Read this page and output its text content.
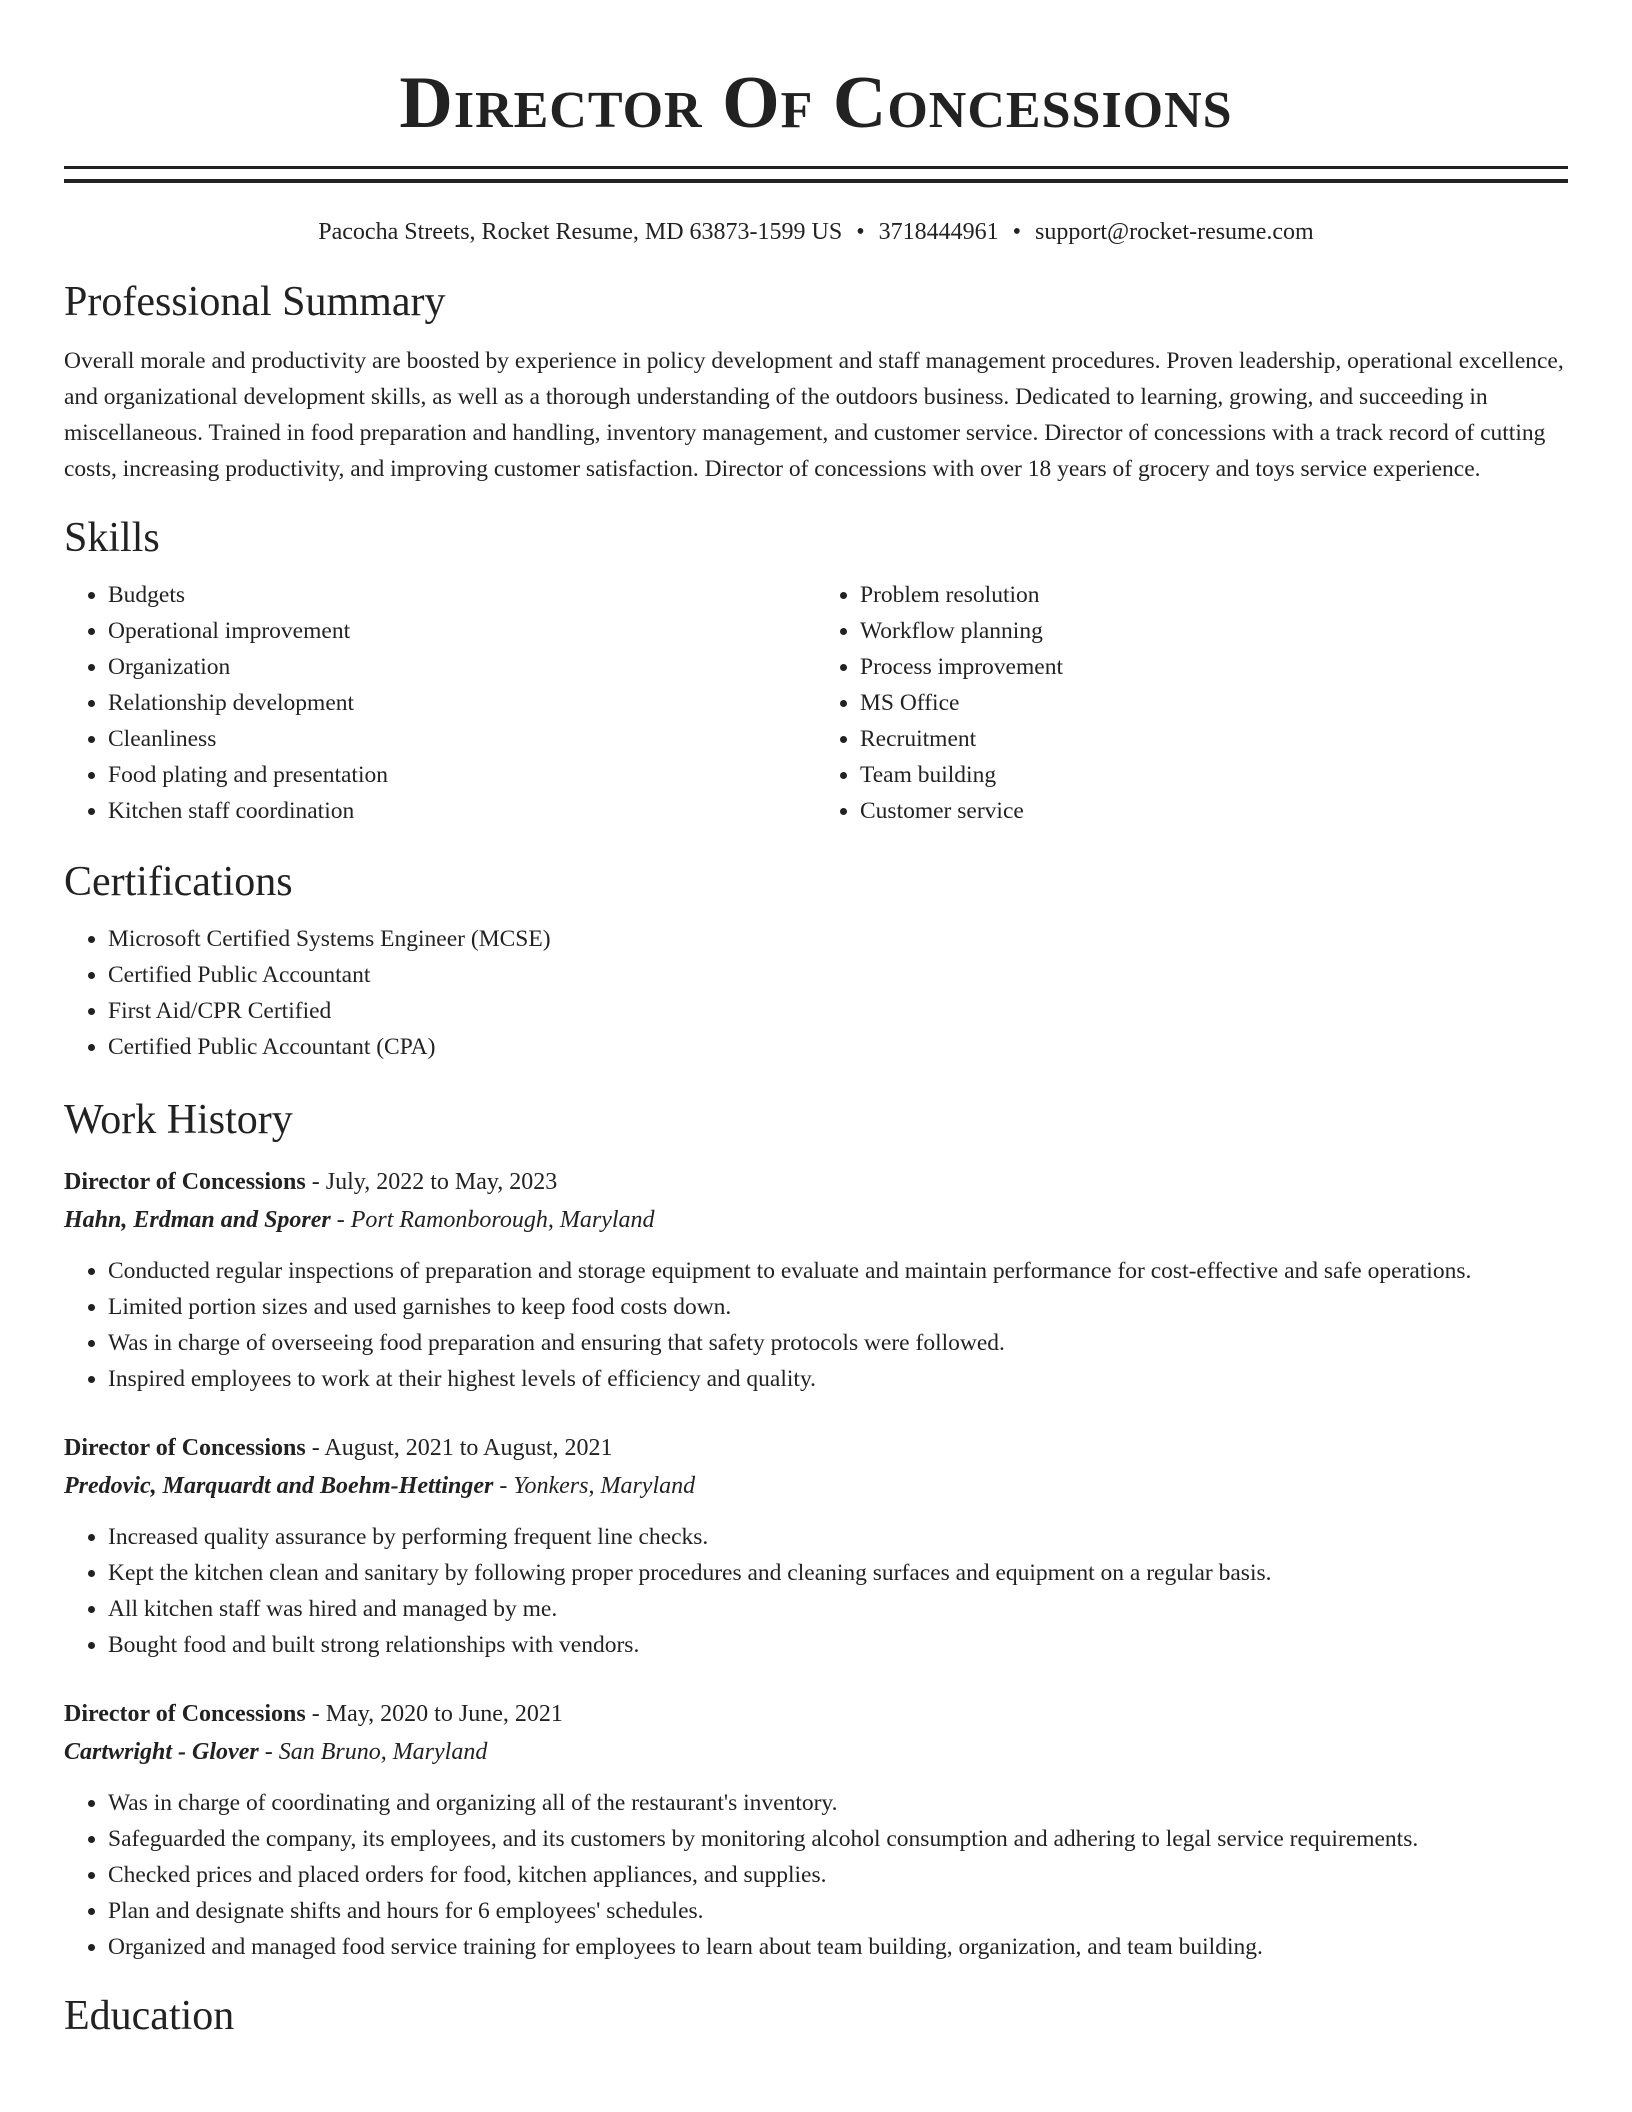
Director Of Concessions
Pacocha Streets, Rocket Resume, MD 63873-1599 US • 3718444961 • support@rocket-resume.com
Professional Summary

Overall morale and productivity are boosted by experience in policy development and staff management procedures. Proven leadership, operational excellence, and organizational development skills, as well as a thorough understanding of the outdoors business. Dedicated to learning, growing, and succeeding in miscellaneous. Trained in food preparation and handling, inventory management, and customer service. Director of concessions with a track record of cutting costs, increasing productivity, and improving customer satisfaction. Director of concessions with over 18 years of grocery and toys service experience.

Skills
• Budgets
• Operational improvement
• Organization
• Relationship development
• Cleanliness
• Food plating and presentation
• Kitchen staff coordination
• Problem resolution
• Workflow planning
• Process improvement
• MS Office
• Recruitment
• Team building
• Customer service
Certifications
• Microsoft Certified Systems Engineer (MCSE)
• Certified Public Accountant
• First Aid/CPR Certified
• Certified Public Accountant (CPA)
Work History
Director of Concessions - July, 2022 to May, 2023
Hahn, Erdman and Sporer - Port Ramonborough, Maryland
• Conducted regular inspections of preparation and storage equipment to evaluate and maintain performance for cost-effective and safe operations.
• Limited portion sizes and used garnishes to keep food costs down.
• Was in charge of overseeing food preparation and ensuring that safety protocols were followed.
• Inspired employees to work at their highest levels of efficiency and quality.
Director of Concessions - August, 2021 to August, 2021
Predovic, Marquardt and Boehm-Hettinger - Yonkers, Maryland
• Increased quality assurance by performing frequent line checks.
• Kept the kitchen clean and sanitary by following proper procedures and cleaning surfaces and equipment on a regular basis.
• All kitchen staff was hired and managed by me.
• Bought food and built strong relationships with vendors.
Director of Concessions - May, 2020 to June, 2021
Cartwright - Glover - San Bruno, Maryland
• Was in charge of coordinating and organizing all of the restaurant's inventory.
• Safeguarded the company, its employees, and its customers by monitoring alcohol consumption and adhering to legal service requirements.
• Checked prices and placed orders for food, kitchen appliances, and supplies.
• Plan and designate shifts and hours for 6 employees' schedules.
• Organized and managed food service training for employees to learn about team building, organization, and team building.
Education
